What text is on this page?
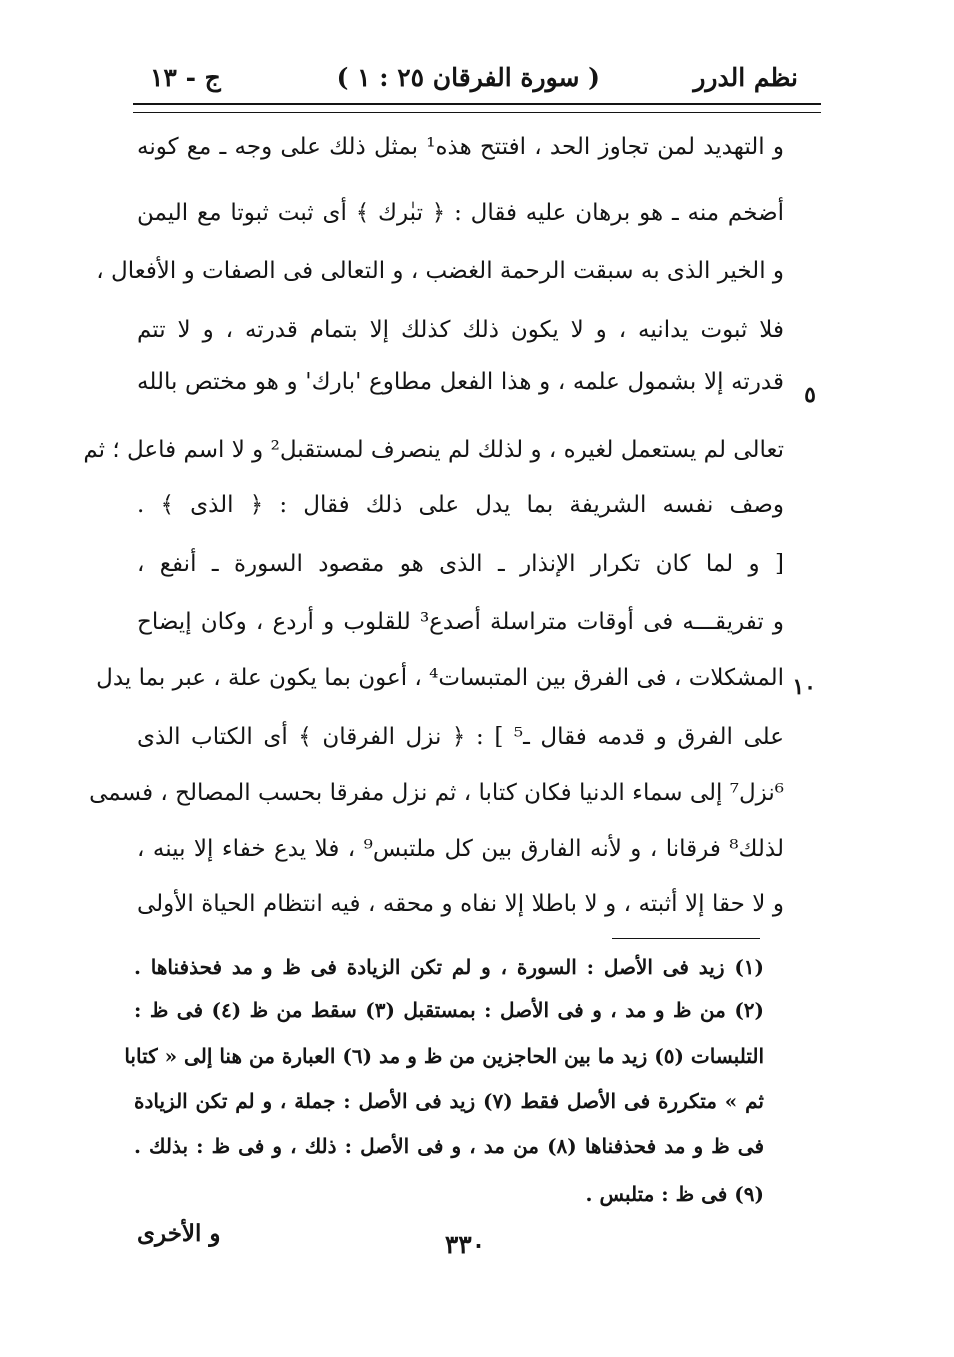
نظم الدرر
( سورة الفرقان ٢٥ : ١ )
ج - ١٣
و التهديد لمن تجاوز الحد ، افتتح هذه¹ بمثل ذلك على وجه ـ مع كونه
أضخم منه ـ هو برهان عليه فقال : ﴿ تبٰرك ﴾ أى ثبت ثبوتا مع اليمن
و الخير الذى به سبقت الرحمة الغضب ، و التعالى فى الصفات و الأفعال ،
فلا ثبوت يدانيه ، و لا يكون ذلك كذلك إلا بتمام قدرته ، و لا تتم
قدرته إلا بشمول علمه ، و هذا الفعل مطاوع 'بارك' و هو مختص بالله
تعالى لم يستعمل لغيره ، و لذلك لم ينصرف لمستقبل² و لا اسم فاعل ؛ ثم
وصف نفسه الشريفة بما يدل على ذلك فقال : ﴿ الذى ﴾ .
[ و لما كان تكرار الإنذار ـ الذى هو مقصود السورة ـ أنفع ،
و تفريقـــه فى أوقات متراسلة أصدع³ للقلوب و أردع ، وكان إيضاح
المشكلات ، فى الفرق بين المتبسات⁴ ، أعون بما يكون علة ، عبر بما يدل
على الفرق و قدمه فقال ـ⁵ ] : ﴿ نزل الفرقان ﴾ أى الكتاب الذى
⁶نزل⁷ إلى سماء الدنيا فكان كتابا ، ثم نزل مفرقا بحسب المصالح ، فسمى
لذلك⁸ فرقانا ، و لأنه الفارق بين كل ملتبس⁹ ، فلا يدع خفاء إلا بينه ،
و لا حقا إلا أثبته ، و لا باطلا إلا نفاه و محقه ، فيه انتظام الحياة الأولى
٥
١٠
(١) زيد فى الأصل : السورة ، و لم تكن الزيادة فى ظ و مد فحذفناها .
(٢) من ظ و مد ، و فى الأصل : بمستقبل (٣) سقط من ظ (٤) فى ظ :
التلبسات (٥) زيد ما بين الحاجزين من ظ و مد (٦) العبارة من هنا إلى « كتابا
ثم » متكررة فى الأصل فقط (٧) زيد فى الأصل : جملة ، و لم تكن الزيادة
فى ظ و مد فحذفناها (٨) من مد ، و فى الأصل : ذلك ، و فى ظ : بذلك .
(٩) فى ظ : متلبس .
و الأخرى	٣٣٠
